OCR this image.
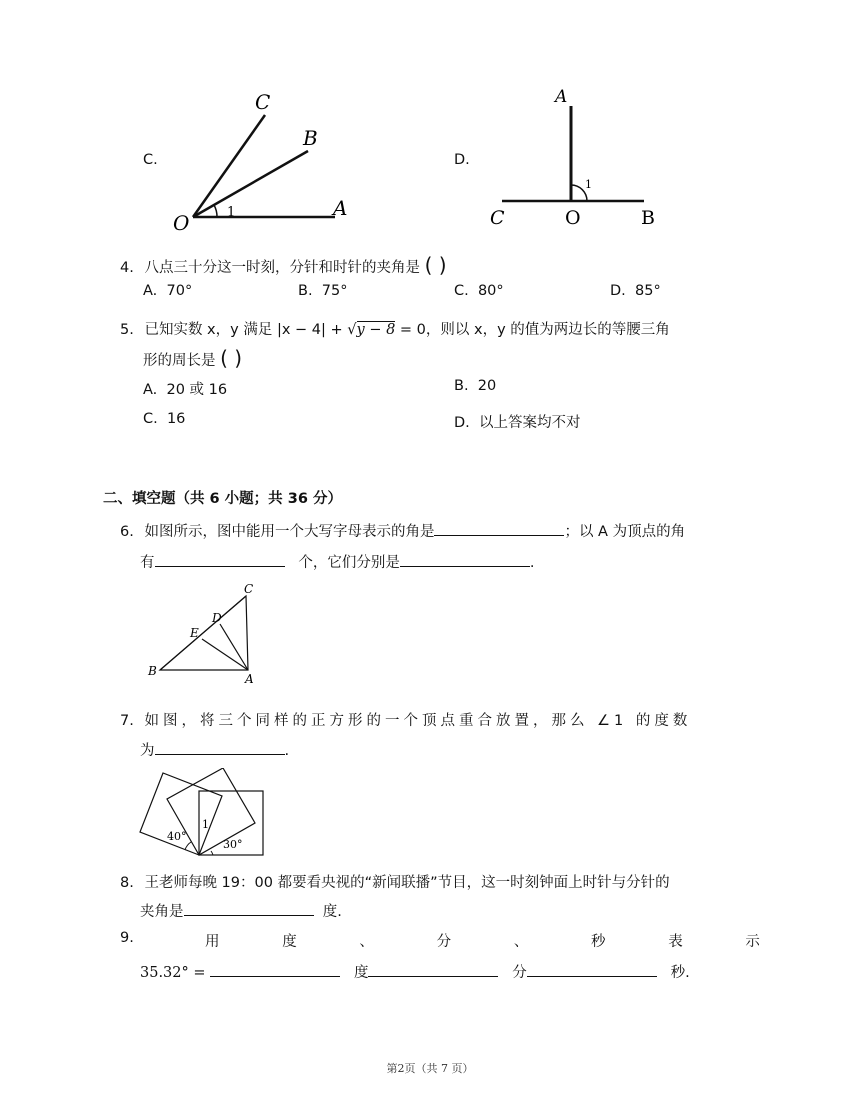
C.
C
B
O
A
1
D.
A
C	O	B
1
4. 八点三十分这一时刻，分针和时针的夹角是 ( )
A. 70°	B. 75°	C. 80°	D. 85°
5. 已知实数 x，y 满足 |x − 4| + √y − 8 = 0，则以 x，y 的值为两边长的等腰三角
形的周长是 ( )
A. 20 或 16	B. 20
C. 16	D. 以上答案均不对
二、填空题（共 6 小题；共 36 分）
6. 如图所示，图中能用一个大写字母表示的角是	；以 A 为顶点的角
有	个，它们分别是	.
C
D
E
B
A
7. 如图，将三个同样的正方形的一个顶点重合放置，那么 ∠1 的度数
为	.
1
40°
30°
8. 王老师每晚 19：00 都要看央视的“新闻联播”节目，这一时刻钟面上时针与分针的
夹角是	度.
9.	用	度	、	分	、	秒	表	示
35.32° =	度	分	秒.
第2页（共 7 页）
